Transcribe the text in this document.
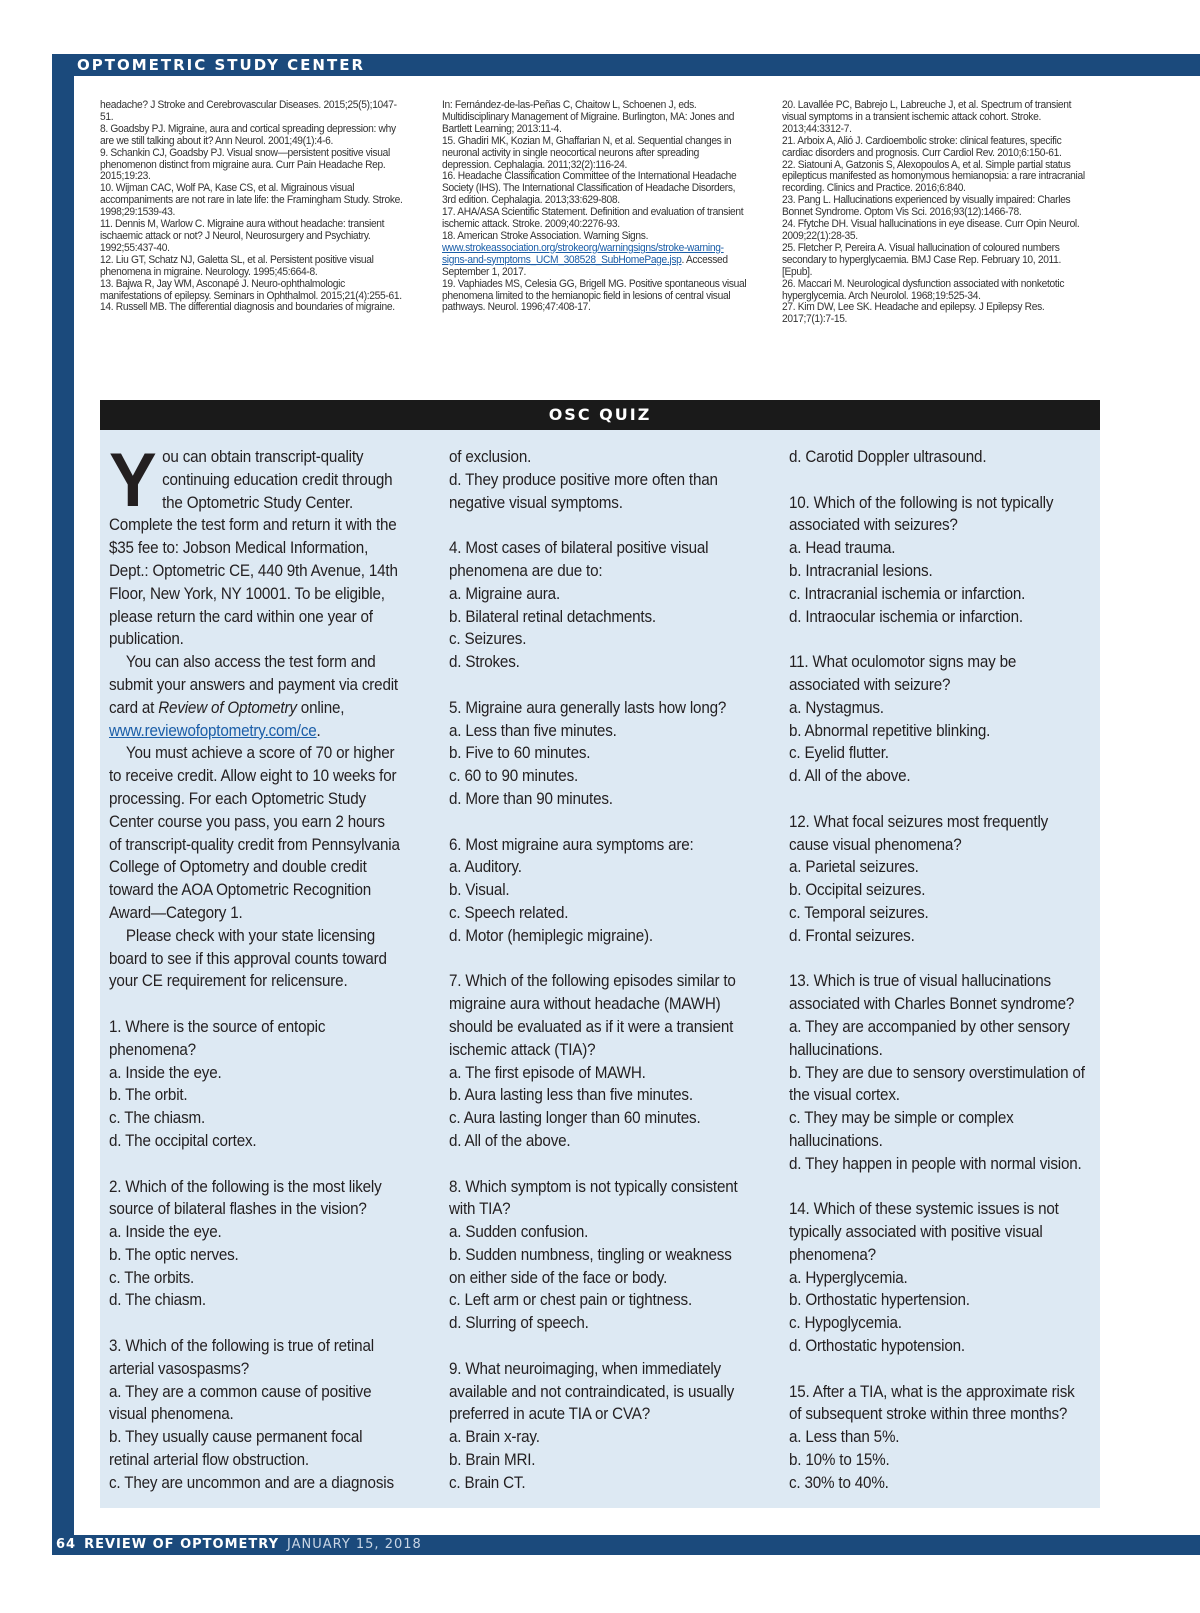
OPTOMETRIC STUDY CENTER

headache? J Stroke and Cerebrovascular Diseases. 2015;25(5);1047-51.

8. Goadsby PJ. Migraine, aura and cortical spreading depression: why are we still talking about it? Ann Neurol. 2001;49(1):4-6.

9. Schankin CJ, Goadsby PJ. Visual snow—persistent positive visual phenomenon distinct from migraine aura. Curr Pain Headache Rep. 2015;19:23.

10. Wijman CAC, Wolf PA, Kase CS, et al. Migrainous visual accompaniments are not rare in late life: the Framingham Study. Stroke. 1998;29:1539-43.

11. Dennis M, Warlow C. Migraine aura without headache: transient ischaemic attack or not? J Neurol, Neurosurgery and Psychiatry. 1992;55:437-40.

12. Liu GT, Schatz NJ, Galetta SL, et al. Persistent positive visual phenomena in migraine. Neurology. 1995;45:664-8.

13. Bajwa R, Jay WM, Asconapé J. Neuro-ophthalmologic manifestations of epilepsy. Seminars in Ophthalmol. 2015;21(4):255-61.

14. Russell MB. The differential diagnosis and boundaries of migraine.

In: Fernández-de-las-Peñas C, Chaitow L, Schoenen J, eds. Multidisciplinary Management of Migraine. Burlington, MA: Jones and Bartlett Learning; 2013:11-4.

15. Ghadiri MK, Kozian M, Ghaffarian N, et al. Sequential changes in neuronal activity in single neocortical neurons after spreading depression. Cephalagia. 2011;32(2):116-24.

16. Headache Classification Committee of the International Headache Society (IHS). The International Classification of Headache Disorders, 3rd edition. Cephalagia. 2013;33:629-808.

17. AHA/ASA Scientific Statement. Definition and evaluation of transient ischemic attack. Stroke. 2009;40:2276-93.

18. American Stroke Association. Warning Signs. www.strokeassociation.org/strokeorg/warningsigns/stroke-warning-signs-and-symptoms_UCM_308528_SubHomePage.jsp. Accessed September 1, 2017.

19. Vaphiades MS, Celesia GG, Brigell MG. Positive spontaneous visual phenomena limited to the hemianopic field in lesions of central visual pathways. Neurol. 1996;47:408-17.

20. Lavallée PC, Babrejo L, Labreuche J, et al. Spectrum of transient visual symptoms in a transient ischemic attack cohort. Stroke. 2013;44:3312-7.

21. Arboix A, Alió J. Cardioembolic stroke: clinical features, specific cardiac disorders and prognosis. Curr Cardiol Rev. 2010;6:150-61.

22. Siatouni A, Gatzonis S, Alexopoulos A, et al. Simple partial status epilepticus manifested as homonymous hemianopsia: a rare intracranial recording. Clinics and Practice. 2016;6:840.

23. Pang L. Hallucinations experienced by visually impaired: Charles Bonnet Syndrome. Optom Vis Sci. 2016;93(12):1466-78.

24. Ffytche DH. Visual hallucinations in eye disease. Curr Opin Neurol. 2009;22(1):28-35.

25. Fletcher P, Pereira A. Visual hallucination of coloured numbers secondary to hyperglycaemia. BMJ Case Rep. February 10, 2011. [Epub].

26. Maccari M. Neurological dysfunction associated with nonketotic hyperglycemia. Arch Neurolol. 1968;19:525-34.

27. Kim DW, Lee SK. Headache and epilepsy. J Epilepsy Res. 2017;7(1):7-15.

OSC QUIZ

You can obtain transcript-quality continuing education credit through the Optometric Study Center. Complete the test form and return it with the $35 fee to: Jobson Medical Information, Dept.: Optometric CE, 440 9th Avenue, 14th Floor, New York, NY 10001. To be eligible, please return the card within one year of publication.

You can also access the test form and submit your answers and payment via credit card at Review of Optometry online, www.reviewofoptometry.com/ce.

You must achieve a score of 70 or higher to receive credit. Allow eight to 10 weeks for processing. For each Optometric Study Center course you pass, you earn 2 hours of transcript-quality credit from Pennsylvania College of Optometry and double credit toward the AOA Optometric Recognition Award—Category 1.

Please check with your state licensing board to see if this approval counts toward your CE requirement for relicensure.

1. Where is the source of entopic phenomena?

a. Inside the eye.

b. The orbit.

c. The chiasm.

d. The occipital cortex.

2. Which of the following is the most likely source of bilateral flashes in the vision?

a. Inside the eye.

b. The optic nerves.

c. The orbits.

d. The chiasm.

3. Which of the following is true of retinal arterial vasospasms?

a. They are a common cause of positive visual phenomena.

b. They usually cause permanent focal retinal arterial flow obstruction.

c. They are uncommon and are a diagnosis

of exclusion.

d. They produce positive more often than negative visual symptoms.

4. Most cases of bilateral positive visual phenomena are due to:

a. Migraine aura.

b. Bilateral retinal detachments.

c. Seizures.

d. Strokes.

5. Migraine aura generally lasts how long?

a. Less than five minutes.

b. Five to 60 minutes.

c. 60 to 90 minutes.

d. More than 90 minutes.

6. Most migraine aura symptoms are:

a. Auditory.

b. Visual.

c. Speech related.

d. Motor (hemiplegic migraine).

7. Which of the following episodes similar to migraine aura without headache (MAWH) should be evaluated as if it were a transient ischemic attack (TIA)?

a. The first episode of MAWH.

b. Aura lasting less than five minutes.

c. Aura lasting longer than 60 minutes.

d. All of the above.

8. Which symptom is not typically consistent with TIA?

a. Sudden confusion.

b. Sudden numbness, tingling or weakness on either side of the face or body.

c. Left arm or chest pain or tightness.

d. Slurring of speech.

9. What neuroimaging, when immediately available and not contraindicated, is usually preferred in acute TIA or CVA?

a. Brain x-ray.

b. Brain MRI.

c. Brain CT.

d. Carotid Doppler ultrasound.

10. Which of the following is not typically associated with seizures?

a. Head trauma.

b. Intracranial lesions.

c. Intracranial ischemia or infarction.

d. Intraocular ischemia or infarction.

11. What oculomotor signs may be associated with seizure?

a. Nystagmus.

b. Abnormal repetitive blinking.

c. Eyelid flutter.

d. All of the above.

12. What focal seizures most frequently cause visual phenomena?

a. Parietal seizures.

b. Occipital seizures.

c. Temporal seizures.

d. Frontal seizures.

13. Which is true of visual hallucinations associated with Charles Bonnet syndrome?

a. They are accompanied by other sensory hallucinations.

b. They are due to sensory overstimulation of the visual cortex.

c. They may be simple or complex hallucinations.

d. They happen in people with normal vision.

14. Which of these systemic issues is not typically associated with positive visual phenomena?

a. Hyperglycemia.

b. Orthostatic hypertension.

c. Hypoglycemia.

d. Orthostatic hypotension.

15. After a TIA, what is the approximate risk of subsequent stroke within three months?

a. Less than 5%.

b. 10% to 15%.

c. 30% to 40%.

64 REVIEW OF OPTOMETRY JANUARY 15, 2018
